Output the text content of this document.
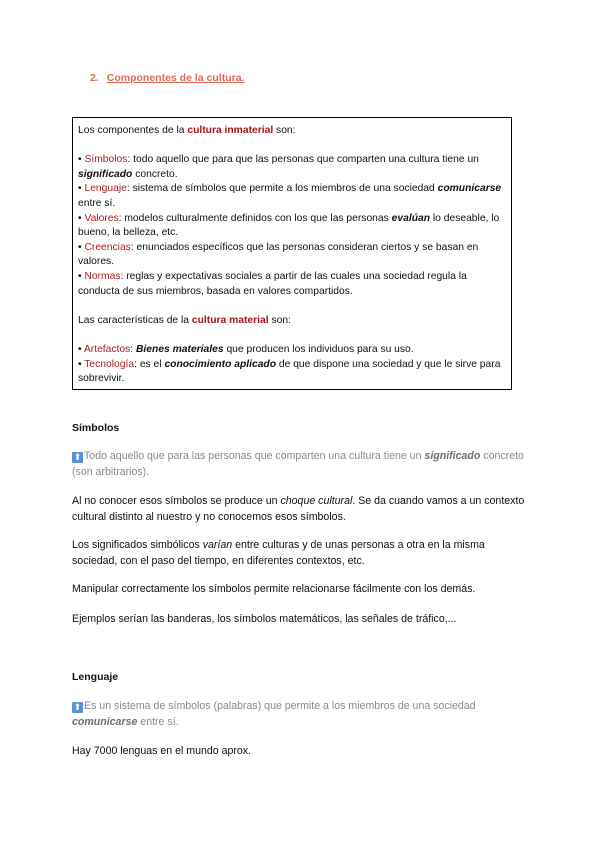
2. Componentes de la cultura.

Los componentes de la cultura inmaterial son:

• Símbolos: todo aquello que para que las personas que comparten una cultura tiene un significado concreto.

• Lenguaje: sistema de símbolos que permite a los miembros de una sociedad comunicarse entre sí.

• Valores: modelos culturalmente definidos con los que las personas evalúan lo deseable, lo bueno, la belleza, etc.

• Creencias: enunciados específicos que las personas consideran ciertos y se basan en valores.

• Normas: reglas y expectativas sociales a partir de las cuales una sociedad regula la conducta de sus miembros, basada en valores compartidos.

Las características de la cultura material son:

• Artefactos: Bienes materiales que producen los individuos para su uso.

• Tecnología: es el conocimiento aplicado de que dispone una sociedad y que le sirve para sobrevivir.

Símbolos
⬆ Todo aquello que para las personas que comparten una cultura tiene un significado concreto (son arbitrarios).
Al no conocer esos símbolos se produce un choque cultural. Se da cuando vamos a un contexto cultural distinto al nuestro y no conocemos esos símbolos.
Los significados simbólicos varían entre culturas y de unas personas a otra en la misma sociedad, con el paso del tiempo, en diferentes contextos, etc.
Manipular correctamente los símbolos permite relacionarse fácilmente con los demás.
Ejemplos serían las banderas, los símbolos matemáticos, las señales de tráfico,...
Lenguaje
⬆ Es un sistema de símbolos (palabras) que permite a los miembros de una sociedad comunicarse entre sí.
Hay 7000 lenguas en el mundo aprox.
